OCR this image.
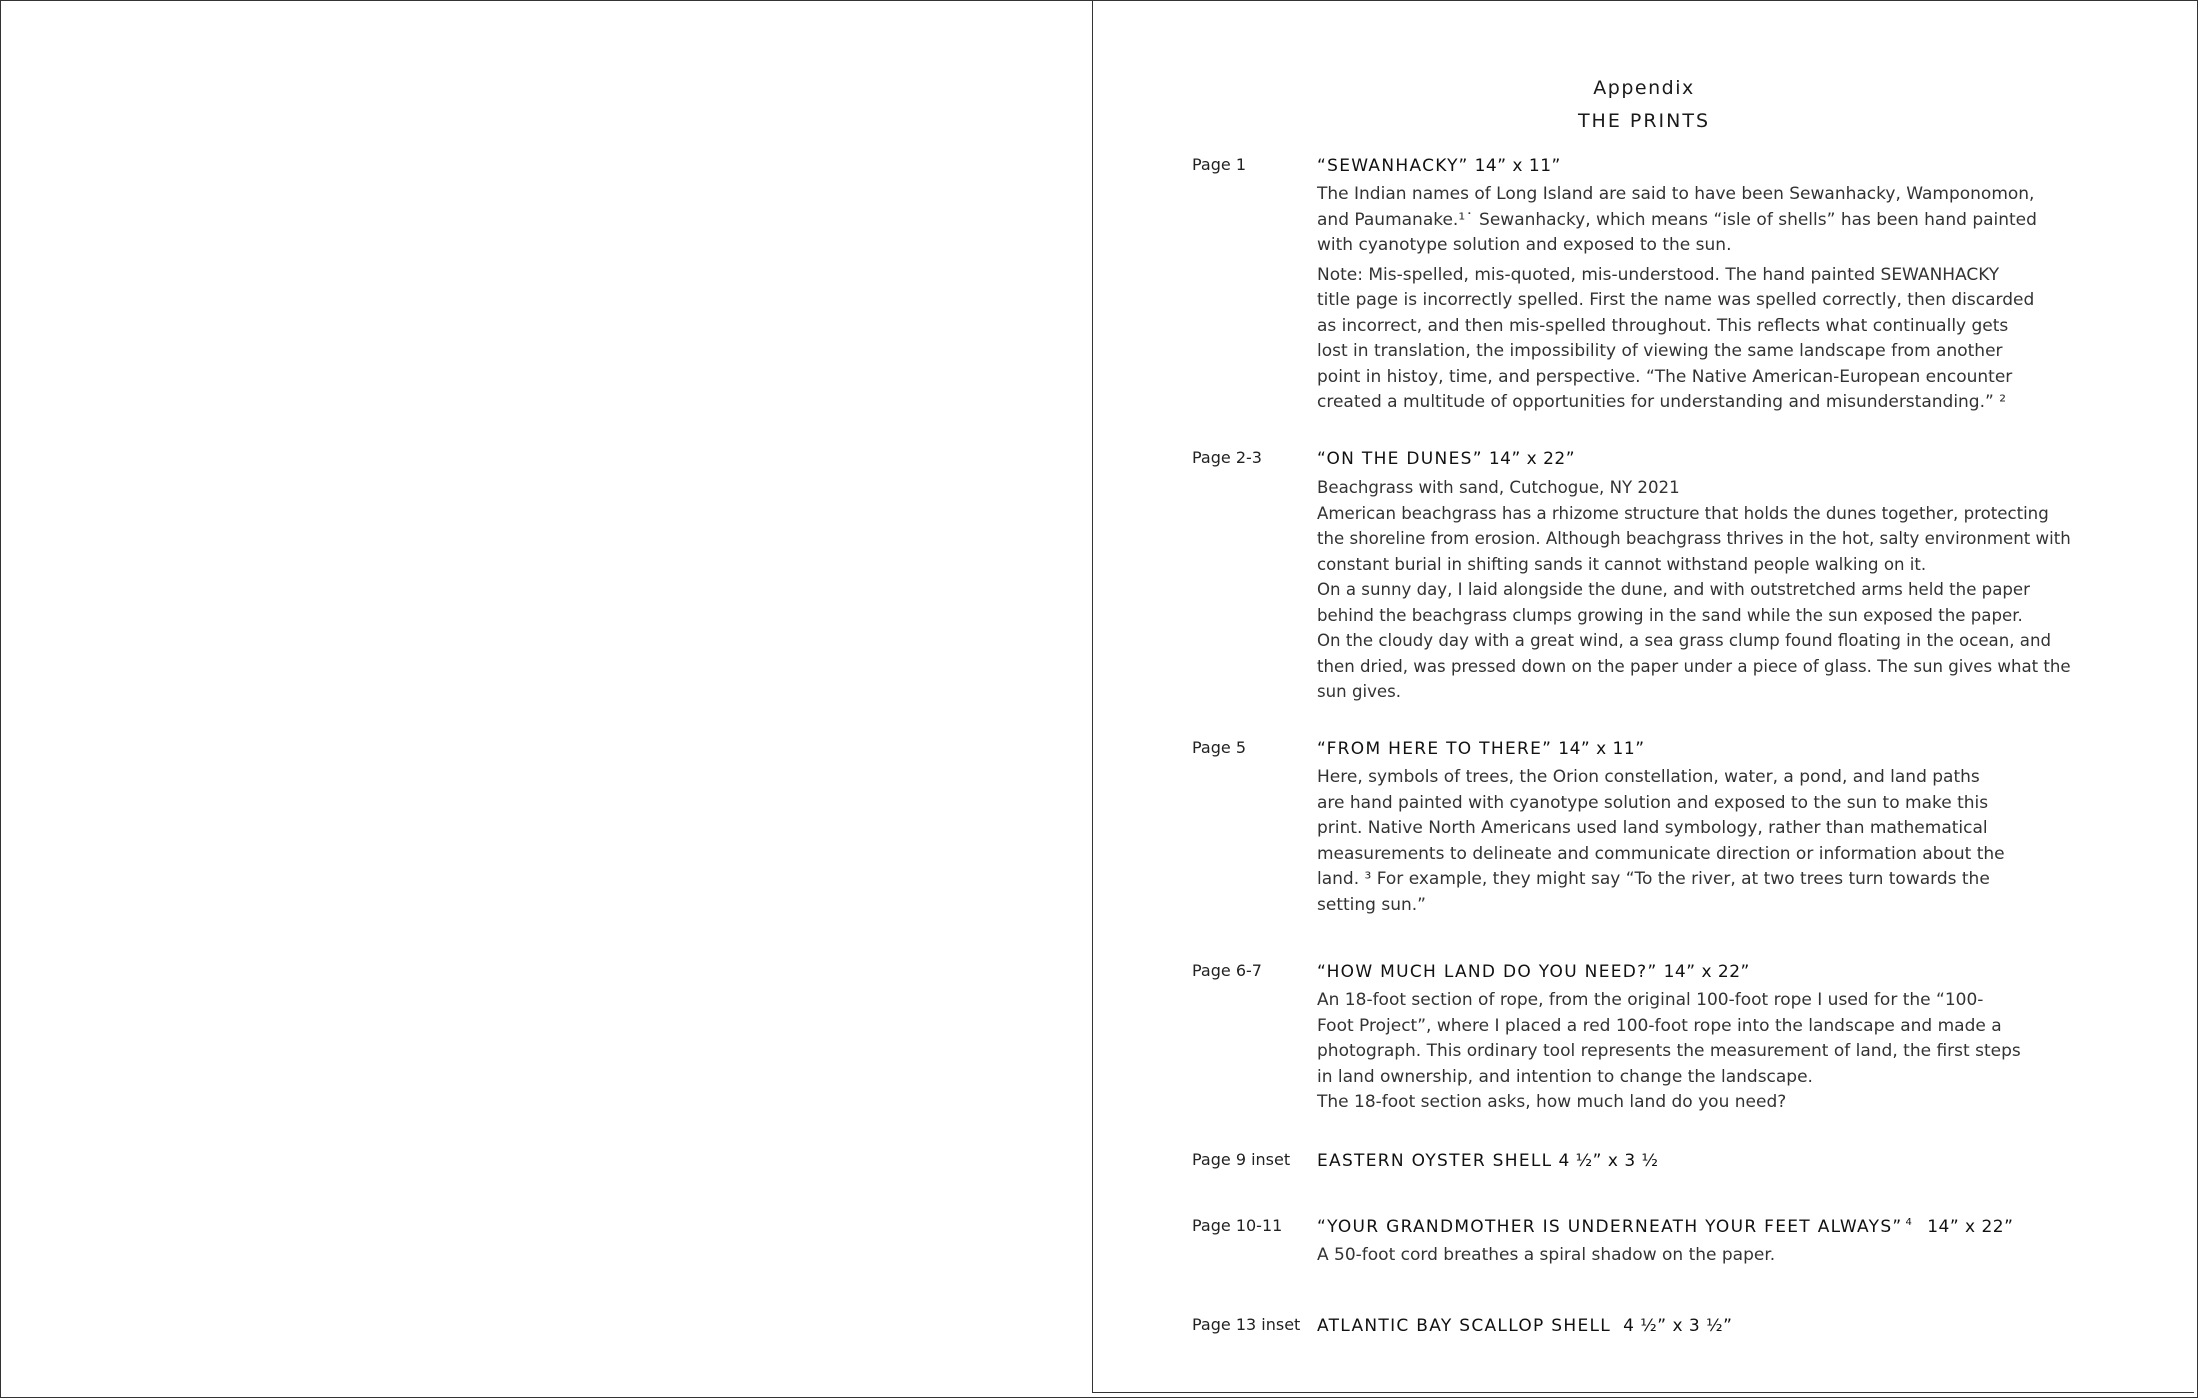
Appendix
THE PRINTS
Page 1	“SEWANHACKY” 14” x 11”
The Indian names of Long Island are said to have been Sewanhacky, Wamponomon,
and Paumanake.¹˙ Sewanhacky, which means “isle of shells” has been hand painted
with cyanotype solution and exposed to the sun.
Note: Mis-spelled, mis-quoted, mis-understood. The hand painted SEWANHACKY
title page is incorrectly spelled. First the name was spelled correctly, then discarded
as incorrect, and then mis-spelled throughout. This reflects what continually gets
lost in translation, the impossibility of viewing the same landscape from another
point in histoy, time, and perspective. “The Native American-European encounter
created a multitude of opportunities for understanding and misunderstanding.” ²
Page 2-3	“ON THE DUNES” 14” x 22”
Beachgrass with sand, Cutchogue, NY 2021
American beachgrass has a rhizome structure that holds the dunes together, protecting
the shoreline from erosion. Although beachgrass thrives in the hot, salty environment with
constant burial in shifting sands it cannot withstand people walking on it.
On a sunny day, I laid alongside the dune, and with outstretched arms held the paper
behind the beachgrass clumps growing in the sand while the sun exposed the paper.
On the cloudy day with a great wind, a sea grass clump found floating in the ocean, and
then dried, was pressed down on the paper under a piece of glass. The sun gives what the
sun gives.
Page 5	“FROM HERE TO THERE” 14” x 11”
Here, symbols of trees, the Orion constellation, water, a pond, and land paths
are hand painted with cyanotype solution and exposed to the sun to make this
print. Native North Americans used land symbology, rather than mathematical
measurements to delineate and communicate direction or information about the
land. ³ For example, they might say “To the river, at two trees turn towards the
setting sun.”
Page 6-7	“HOW MUCH LAND DO YOU NEED?” 14” x 22”
An 18-foot section of rope, from the original 100-foot rope I used for the “100-
Foot Project”, where I placed a red 100-foot rope into the landscape and made a
photograph. This ordinary tool represents the measurement of land, the first steps
in land ownership, and intention to change the landscape.
The 18-foot section asks, how much land do you need?
Page 9 inset EASTERN OYSTER SHELL 4 ½” x 3 ½
Page 10-11 “YOUR GRANDMOTHER IS UNDERNEATH YOUR FEET ALWAYS” $^4$ 14” x 22”
A 50-foot cord breathes a spiral shadow on the paper.
Page 13 inset ATLANTIC BAY SCALLOP SHELL 4 ½” x 3 ½”
